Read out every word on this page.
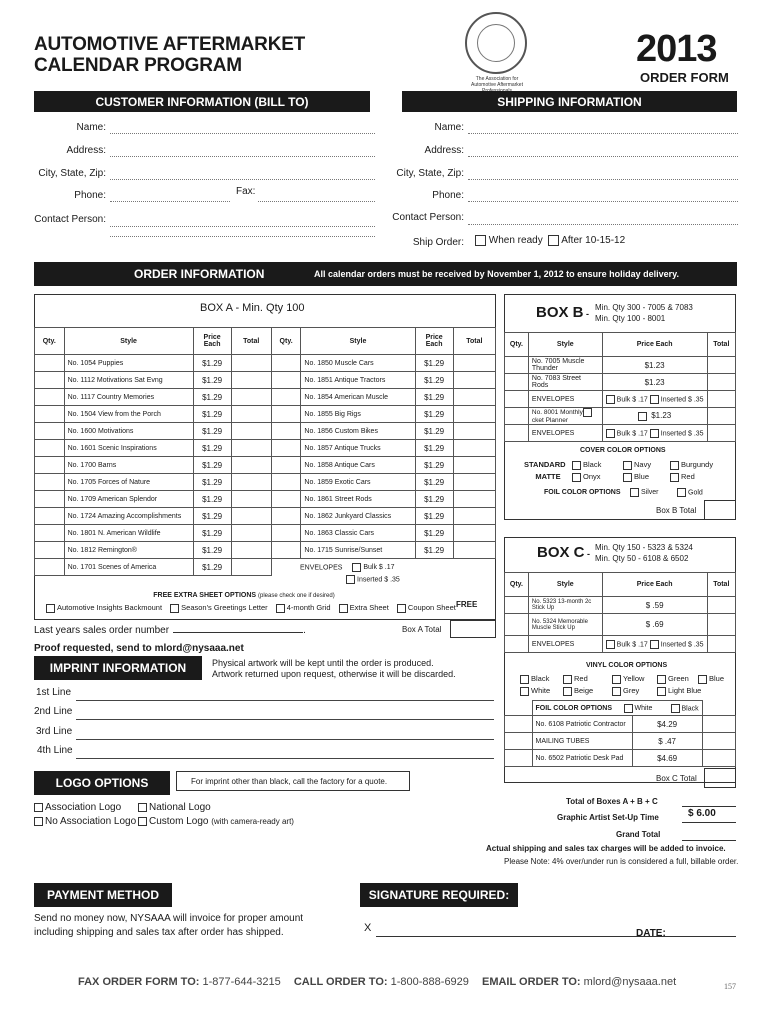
AUTOMOTIVE AFTERMARKET
CALENDAR PROGRAM
The Association for Automotive Aftermarket
2013
ORDER FORM
CUSTOMER INFORMATION (BILL TO)	SHIPPING INFORMATION
Name:
Address:
City, State, Zip:
Phone:	Fax:
Contact Person:
Name:
Address:
City, State, Zip:
Phone:
Contact Person:
Ship Order:	When ready	After 10-15-12
ORDER INFORMATION	All calendar orders must be received by November 1, 2012 to ensure holiday delivery.
BOX A - Min. Qty 100
Qty.	Style	Price Each	Total	Qty.	Style	Price Each	Total
	No. 1054 Puppies	$1.29			No. 1850 Muscle Cars	$1.29	
	No. 1112 Motivations Sat Evng	$1.29			No. 1851 Antique Tractors	$1.29	
	No. 1117 Country Memories	$1.29			No. 1854 American Muscle	$1.29	
	No. 1504 View from the Porch	$1.29			No. 1855 Big Rigs	$1.29	
	No. 1600 Motivations	$1.29			No. 1856 Custom Bikes	$1.29	
	No. 1601 Scenic Inspirations	$1.29			No. 1857 Antique Trucks	$1.29	
	No. 1700 Barns	$1.29			No. 1858 Antique Cars	$1.29	
	No. 1705 Forces of Nature	$1.29			No. 1859 Exotic Cars	$1.29	
	No. 1709 American Splendor	$1.29			No. 1861 Street Rods	$1.29	
	No. 1724 Amazing Accomplishments	$1.29			No. 1862 Junkyard Classics	$1.29	
	No. 1801 N. American Wildlife	$1.29			No. 1863 Classic Cars	$1.29	
	No. 1812 Remington®	$1.29			No. 1715 Sunrise/Sunset	$1.29	
	No. 1701 Scenes of America	$1.29						ENVELOPES	Bulk $ .17
Inserted $ .35
FREE EXTRA SHEET OPTIONS (please check one if desired)
Automotive Insights Backmount	Season's Greetings Letter	4-month Grid	Extra Sheet	Coupon Sheet FREE
Box A Total
Last years sales order number	.
Proof requested, send to mlord@nysaaa.net
BOX B -
Min. Qty 300 - 7005 & 7083
Min. Qty 100 - 8001
Qty.	Style	Price Each	Total
	No. 7005 Muscle Thunder	$1.23	
	No. 7083 Street Rods	$1.23	
	ENVELOPES	Bulk $ .17 Inserted $ .35	
	No. 8001 Monthlycket Planner	$1.23	
	ENVELOPES	Bulk $ .17 Inserted $ .35	
COVER COLOR OPTIONS
STANDARD Black	Navy	Burgundy
MATTE	Onyx	Blue	Red
FOIL COLOR OPTIONS	Silver	Gold
Box B Total
BOX C -
Min. Qty 150 - 5323 & 5324
Min. Qty 50 - 6108 & 6502
Qty.	Style	Price Each	Total
	No. 5323 13-month 2c Stick Up	$ .59	
	No. 5324 Memorable Muscle Stick Up	$ .69	
	ENVELOPES	Bulk $ .17 Inserted $ .35	
VINYL COLOR OPTIONS
Black	Red	Yellow	Green	Blue
White	Beige	Grey	Light Blue
	FOIL COLOR OPTIONS White Black		
	No. 6108 Patriotic Contractor	$4.29	
	MAILING TUBES	$ .47	
	No. 6502 Patriotic Desk Pad	$4.69	
Box C Total
IMPRINT INFORMATION	Physical artwork will be kept until the order is produced.
Artwork returned upon request, otherwise it will be discarded.
1st Line
2nd Line
3rd Line
4th Line
LOGO OPTIONS	For imprint other than black, call the factory for a quote.
Association Logo	National Logo
No Association Logo	Custom Logo (with camera-ready art)
Total of Boxes A + B + C
Graphic Artist Set-Up Time	$ 6.00
Grand Total
Actual shipping and sales tax charges will be added to invoice.
Please Note: 4% over/under run is considered a full, billable order.
PAYMENT METHOD
Send no money now, NYSAAA will invoice for proper amount
including shipping and sales tax after order has shipped.
SIGNATURE REQUIRED:
X	DATE:
FAX ORDER FORM TO: 1-877-644-3215 CALL ORDER TO: 1-800-888-6929 EMAIL ORDER TO: mlord@nysaaa.net	157
